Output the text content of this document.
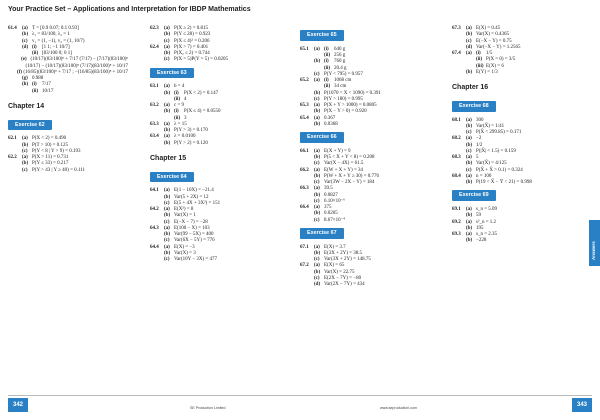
Your Practice Set – Applications and Interpretation for IBDP Mathematics
61.4	(a) T = [0.9 0.07; 0.1 0.93]
(b) λ₁ = 83/100, λ₂ = 1
(c) v₁ = (1, −1), v₂ = (1, 10/7)
(d) (i)	[1 1; −1 10/7]
(ii) [83/100 0; 0 1]
(e) (10/17)(83/100)ⁿ + 7/17 (7/17) − (7/17)(83/100)ⁿ
(10/17) − (10/17)(83/100)ⁿ (7/17)(83/100)ⁿ + 10/17
(f) (16/85)(83/100)ⁿ + 7/17 ; −(16/85)(83/100)ⁿ + 10/17
(g) 0.988
(h) (i)	7/17
(ii) 10/17
Chapter 14
Exercise 62

62.1	(a) P(X < 2) = 0.490
(b) P(T > 10) = 0.125
(c) P(Y < 8 | Y > 9) = 0.193
62.2	(a) P(X > 11) = 0.731
(b) P(Y ≤ 33) = 0.217
(c) P(Y > 43 | Y ≥ 40) = 0.111
62.3	(a) P(X ≥ 2) = 0.815
(b) P(Y ≤ 28) = 0.923
(c) P(X ≤ 4)² = 0.206
62.4	(a) P(X > 7) = 0.401
(b) P(X₂ ≤ 2) = 0.744
(c) P(X = 5)P(Y = 5) = 0.0205
Exercise 63

63.1	(a) b = 4
(b) (i)	P(X < 2) = 0.147
(ii) 4
63.2	(a) c = 9
(b) (i)	P(X ≤ 4) = 0.0550
(ii) 3
63.3	(a) λ = 15
(b) P(Y > 3) = 0.170
63.4	(a) λ = 0.0100
(b) P(Y > 2) = 0.120
Chapter 15
Exercise 64

64.1	(a) E(1 − 10X) = −21.4
(b) Var(5 + 2X) = 12
(c) E(5 + 4X + 3X²) = 151
64.2	(a) E(X²) = 8
(b) Var(X) = 1
(c) E(−X − 7) = −28
64.3	(a) E(100 − X) = 103
(b) Var(99 − 5X) = 400
(c) Var(6X − 5Y) = 776
64.4	(a) E(X) = −3
(b) Var(X) = 3
(c) Var(10Y − 3X) = 477
Exercise 65

65.1	(a) (i)	640 g
(ii) 256 g
(b) (i)	760 g
(ii) 20.4 g
(c) P(Y < 795) = 0.957
65.2	(a) (i)	1068 cm
(ii) 34 cm
(b) P(1070 < X < 1090) = 0.391
(c) P(Y > 180) = 0.995
65.3	(a) P(X + Y > 1000) = 0.0805
(b) P(X − Y > 0) = 0.920
65.4	(a) 0.367
(b) 0.0368
Exercise 66

66.1	(a) E(X + Y) = 9
(b) P(5 < X + Y < 8) = 0.208
(c) Var(X − 4X) = 61.5
66.2	(a) E(W + X + Y) = 34
(b) P(W + X + Y ≥ 30) = 0.776
(c) Var(3W − 2X − Y) = 184
66.3	(a) 39.5
(b) 0.0827
(c) 6.10×10⁻⁶
66.4	(a) 375
(b) 0.0205
(c) 8.67×10⁻⁴
Exercise 67

67.1	(a) E(X) = 3.7
(b) E(3X + 2Y) = 38.5
(c) Var(3X + 2Y) = 148.75
67.2	(a) E(X) = 65
(b) Var(X) = 22.75
(c) E(2X − 7Y) = −80
(d) Var(2X − 7Y) = 434
67.3	(a) E(X) = 0.45
(b) Var(X) = 0.4365
(c) E(−X − Y) = 0.75
(d) Var(−X − Y) = 1.2565
67.4	(a) (i)	1/5
(ii) P(X = 0) = 3/5
(iii) E(X) = 6
(b) E(Y) = 1/3
Chapter 16
Exercise 68

68.1	(a) 300
(b) Var(X̄) = 1/41
(c) P(X̄ < 299.85) = 0.171
68.2	(a) −2
(b) 1/2
(c) P(|X̄| < 1.5) = 0.159
68.3	(a) 5
(b) Var(X̄) = 4/125
(c) P(X̄ + X̄ > 0.1) = 0.324
68.4	(a) n = 100
(b) P(19 < X̄ − Ȳ < 21) = 0.998
Exercise 69

69.1	(a) s_n = 5.09
(b) 59
69.2	(a) s²_n = 1.2
(b) 195
69.3	(a) s_n = 2.35
(b) −228
Answers
342	343
SE Production Limited	www.seproduction.com
